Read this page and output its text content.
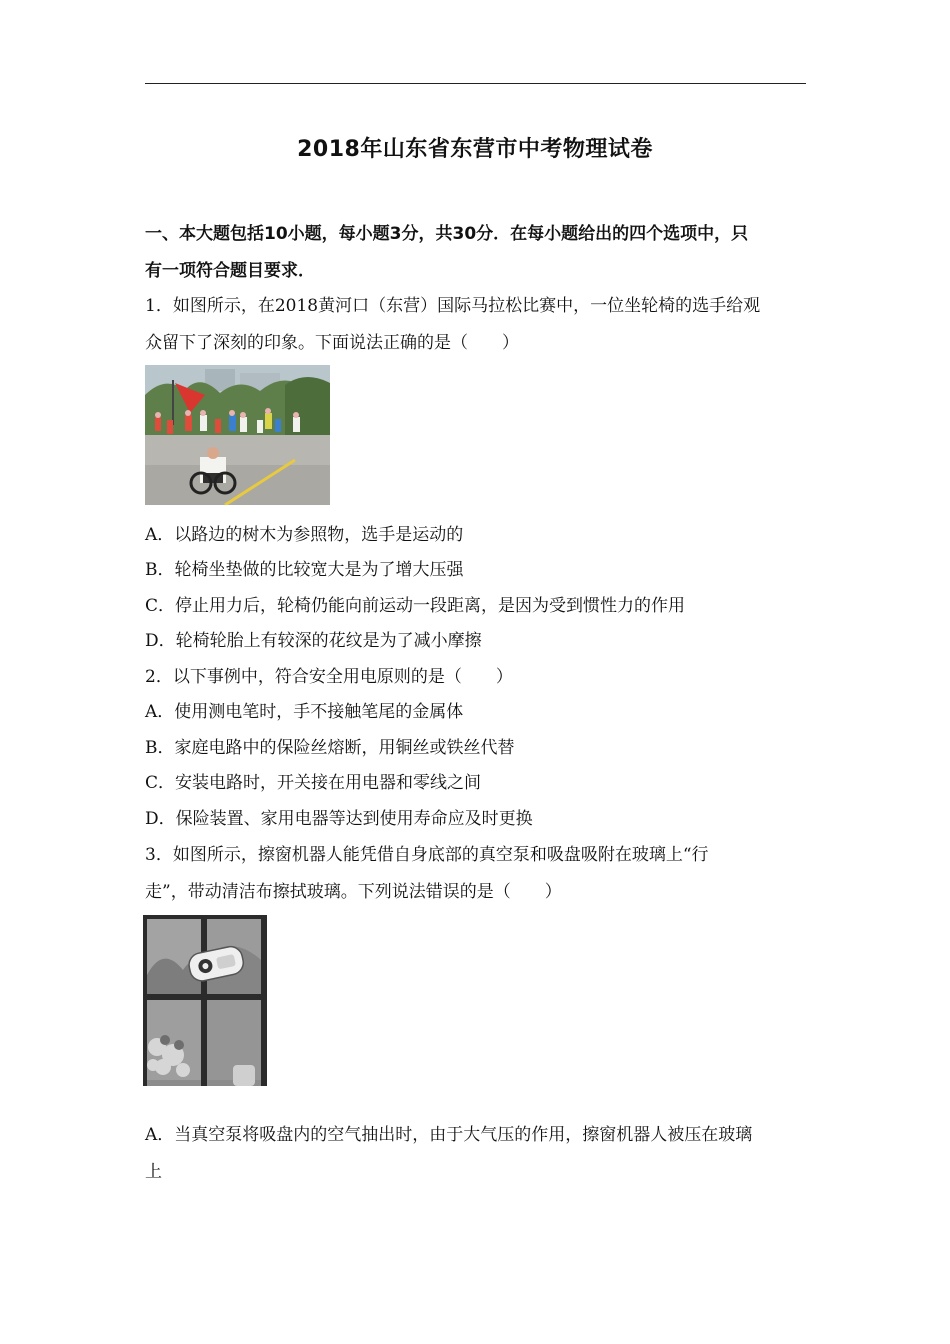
2018年山东省东营市中考物理试卷
一、本大题包括10小题，每小题3分，共30分．在每小题给出的四个选项中，只
有一项符合题目要求．
1．如图所示，在2018黄河口（东营）国际马拉松比赛中，一位坐轮椅的选手给观
众留下了深刻的印象。下面说法正确的是（　　）
A．以路边的树木为参照物，选手是运动的
B．轮椅坐垫做的比较宽大是为了增大压强
C．停止用力后，轮椅仍能向前运动一段距离，是因为受到惯性力的作用
D．轮椅轮胎上有较深的花纹是为了减小摩擦
2．以下事例中，符合安全用电原则的是（　　）
A．使用测电笔时，手不接触笔尾的金属体
B．家庭电路中的保险丝熔断，用铜丝或铁丝代替
C．安装电路时，开关接在用电器和零线之间
D．保险装置、家用电器等达到使用寿命应及时更换
3．如图所示，擦窗机器人能凭借自身底部的真空泵和吸盘吸附在玻璃上“行
走”，带动清洁布擦拭玻璃。下列说法错误的是（　　）
A．当真空泵将吸盘内的空气抽出时，由于大气压的作用，擦窗机器人被压在玻璃
上
